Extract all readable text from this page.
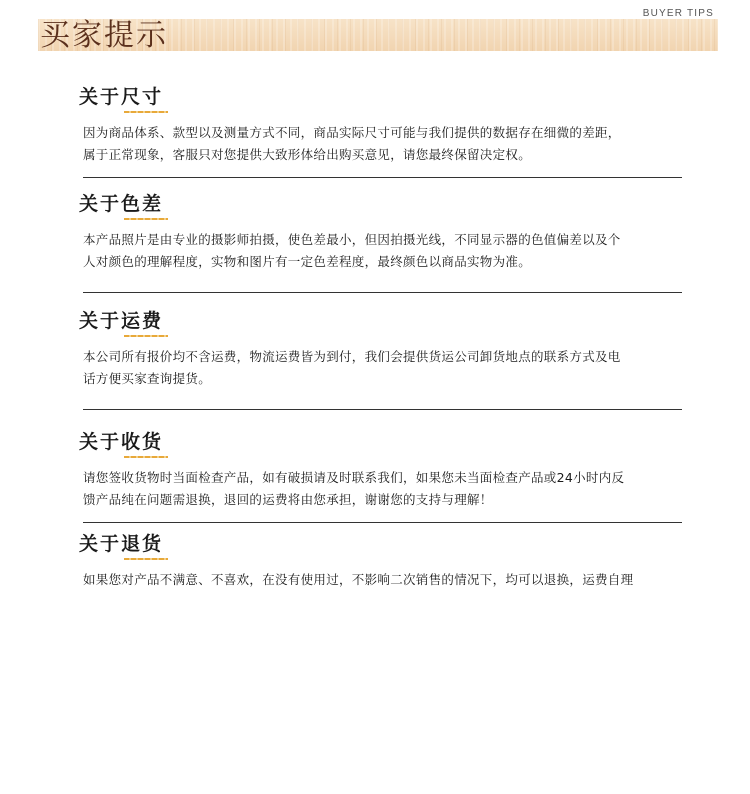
BUYER TIPS
买家提示
关于尺寸
因为商品体系、款型以及测量方式不同，商品实际尺寸可能与我们提供的数据存在细微的差距，
属于正常现象，客服只对您提供大致形体给出购买意见，请您最终保留决定权。
关于色差
本产品照片是由专业的摄影师拍摄，使色差最小，但因拍摄光线，不同显示器的色值偏差以及个
人对颜色的理解程度，实物和图片有一定色差程度，最终颜色以商品实物为准。
关于运费
本公司所有报价均不含运费，物流运费皆为到付，我们会提供货运公司卸货地点的联系方式及电
话方便买家查询提货。
关于收货
请您签收货物时当面检查产品，如有破损请及时联系我们，如果您未当面检查产品或24小时内反
馈产品纯在问题需退换，退回的运费将由您承担，谢谢您的支持与理解！
关于退货
如果您对产品不满意、不喜欢，在没有使用过，不影响二次销售的情况下，均可以退换，运费自理
